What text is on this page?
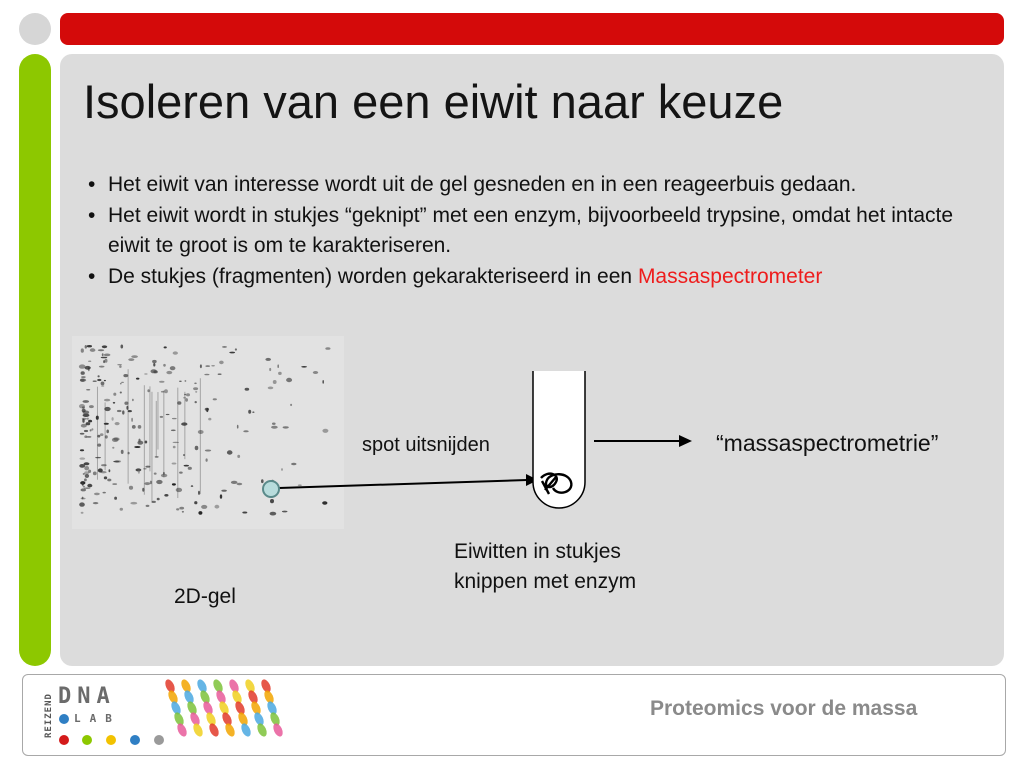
Isoleren van een eiwit naar keuze
• Het eiwit van interesse wordt uit de gel gesneden en in een reageerbuis gedaan.
• Het eiwit wordt in stukjes “geknipt” met een enzym, bijvoorbeeld trypsine, omdat het intacte eiwit te groot is om te karakteriseren.
• De stukjes (fragmenten) worden gekarakteriseerd in een Massaspectrometer
spot uitsnijden	“massaspectrometrie”
Eiwitten in stukjes
knippen met enzym
2D-gel
REIZEND DNA
LAB	Proteomics voor de massa
